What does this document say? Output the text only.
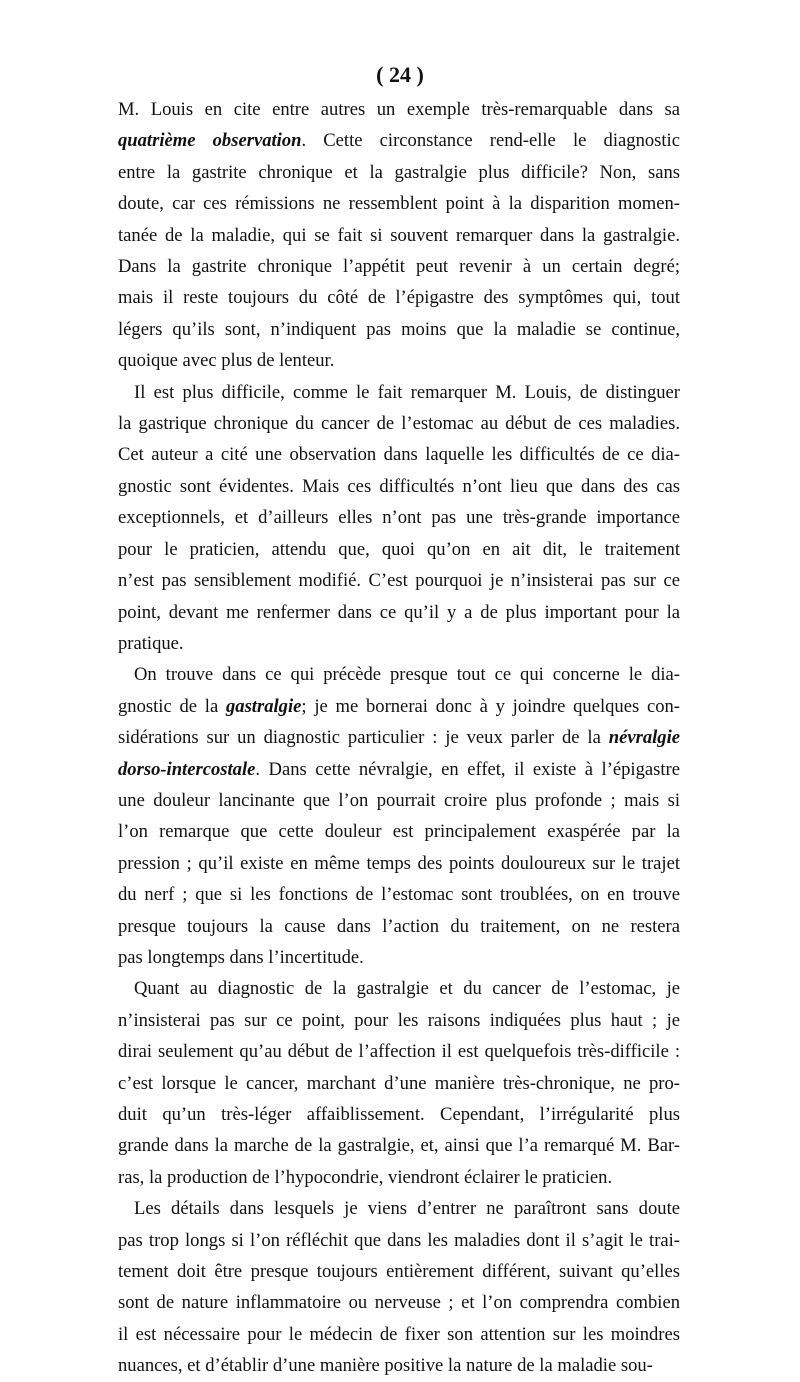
( 24 )
M. Louis en cite entre autres un exemple très-remarquable dans sa
quatrième observation. Cette circonstance rend-elle le diagnostic
entre la gastrite chronique et la gastralgie plus difficile? Non, sans
doute, car ces rémissions ne ressemblent point à la disparition momen-
tanée de la maladie, qui se fait si souvent remarquer dans la gastralgie.
Dans la gastrite chronique l’appétit peut revenir à un certain degré;
mais il reste toujours du côté de l’épigastre des symptômes qui, tout
légers qu’ils sont, n’indiquent pas moins que la maladie se continue,
quoique avec plus de lenteur.
Il est plus difficile, comme le fait remarquer M. Louis, de distinguer
la gastrique chronique du cancer de l’estomac au début de ces maladies.
Cet auteur a cité une observation dans laquelle les difficultés de ce dia-
gnostic sont évidentes. Mais ces difficultés n’ont lieu que dans des cas
exceptionnels, et d’ailleurs elles n’ont pas une très-grande importance
pour le praticien, attendu que, quoi qu’on en ait dit, le traitement
n’est pas sensiblement modifié. C’est pourquoi je n’insisterai pas sur ce
point, devant me renfermer dans ce qu’il y a de plus important pour la
pratique.
On trouve dans ce qui précède presque tout ce qui concerne le dia-
gnostic de la gastralgie; je me bornerai donc à y joindre quelques con-
sidérations sur un diagnostic particulier : je veux parler de la névralgie
dorso-intercostale. Dans cette névralgie, en effet, il existe à l’épigastre
une douleur lancinante que l’on pourrait croire plus profonde ; mais si
l’on remarque que cette douleur est principalement exaspérée par la
pression ; qu’il existe en même temps des points douloureux sur le trajet
du nerf ; que si les fonctions de l’estomac sont troublées, on en trouve
presque toujours la cause dans l’action du traitement, on ne restera
pas longtemps dans l’incertitude.
Quant au diagnostic de la gastralgie et du cancer de l’estomac, je
n’insisterai pas sur ce point, pour les raisons indiquées plus haut ; je
dirai seulement qu’au début de l’affection il est quelquefois très-difficile :
c’est lorsque le cancer, marchant d’une manière très-chronique, ne pro-
duit qu’un très-léger affaiblissement. Cependant, l’irrégularité plus
grande dans la marche de la gastralgie, et, ainsi que l’a remarqué M. Bar-
ras, la production de l’hypocondrie, viendront éclairer le praticien.
Les détails dans lesquels je viens d’entrer ne paraîtront sans doute
pas trop longs si l’on réfléchit que dans les maladies dont il s’agit le trai-
tement doit être presque toujours entièrement différent, suivant qu’elles
sont de nature inflammatoire ou nerveuse ; et l’on comprendra combien
il est nécessaire pour le médecin de fixer son attention sur les moindres
nuances, et d’établir d’une manière positive la nature de la maladie sou-
